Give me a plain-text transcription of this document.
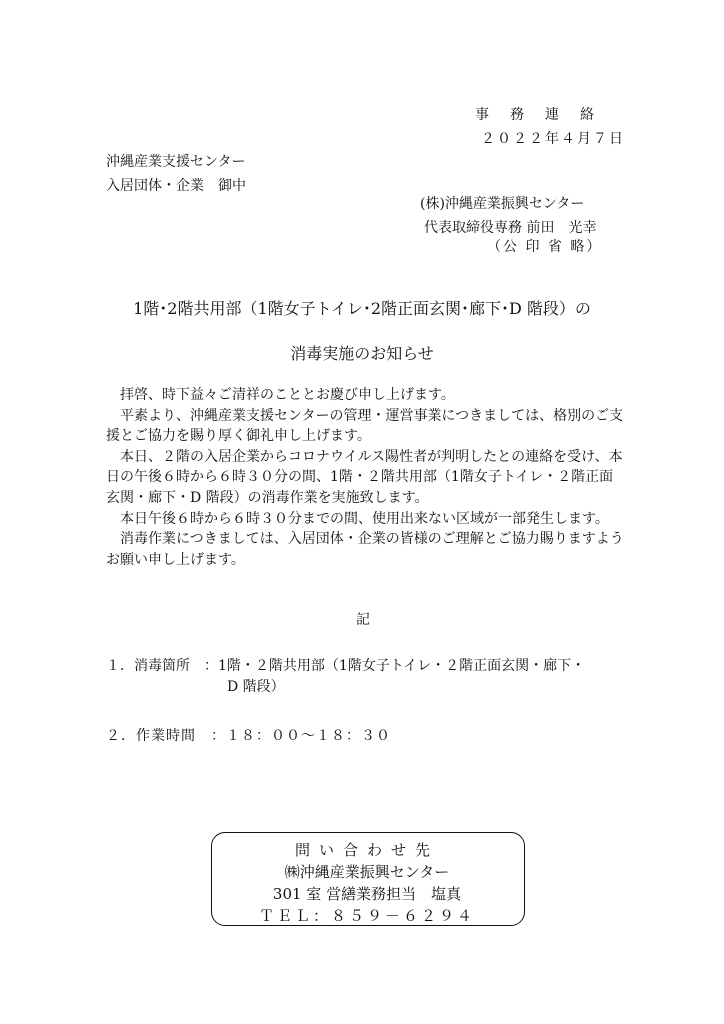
事務連絡
２０２２年４月７日
沖縄産業支援センター
入居団体・企業　御中
(株)沖縄産業振興センター
代表取締役専務 前田　光幸
（公 印 省 略）
1階･2階共用部（1階女子トイレ･2階正面玄関･廊下･D 階段）の
消毒実施のお知らせ

　拝啓、時下益々ご清祥のこととお慶び申し上げます。

　平素より、沖縄産業支援センターの管理・運営事業につきましては、格別のご支援とご協力を賜り厚く御礼申し上げます。

　本日、２階の入居企業からコロナウイルス陽性者が判明したとの連絡を受け、本日の午後６時から６時３０分の間、1階・２階共用部（1階女子トイレ・２階正面玄関・廊下・D 階段）の消毒作業を実施致します。

　本日午後６時から６時３０分までの間、使用出来ない区域が一部発生します。

　消毒作業につきましては、入居団体・企業の皆様のご理解とご協力賜りますようお願い申し上げます。

記
１．消毒箇所　：1階・２階共用部（1階女子トイレ・２階正面玄関・廊下・
D 階段）
２．作業時間　：１８：００～１８：３０
問い合わせ先
㈱沖縄産業振興センター
301 室 営繕業務担当　塩真
ＴＥＬ：８５９－６２９４
